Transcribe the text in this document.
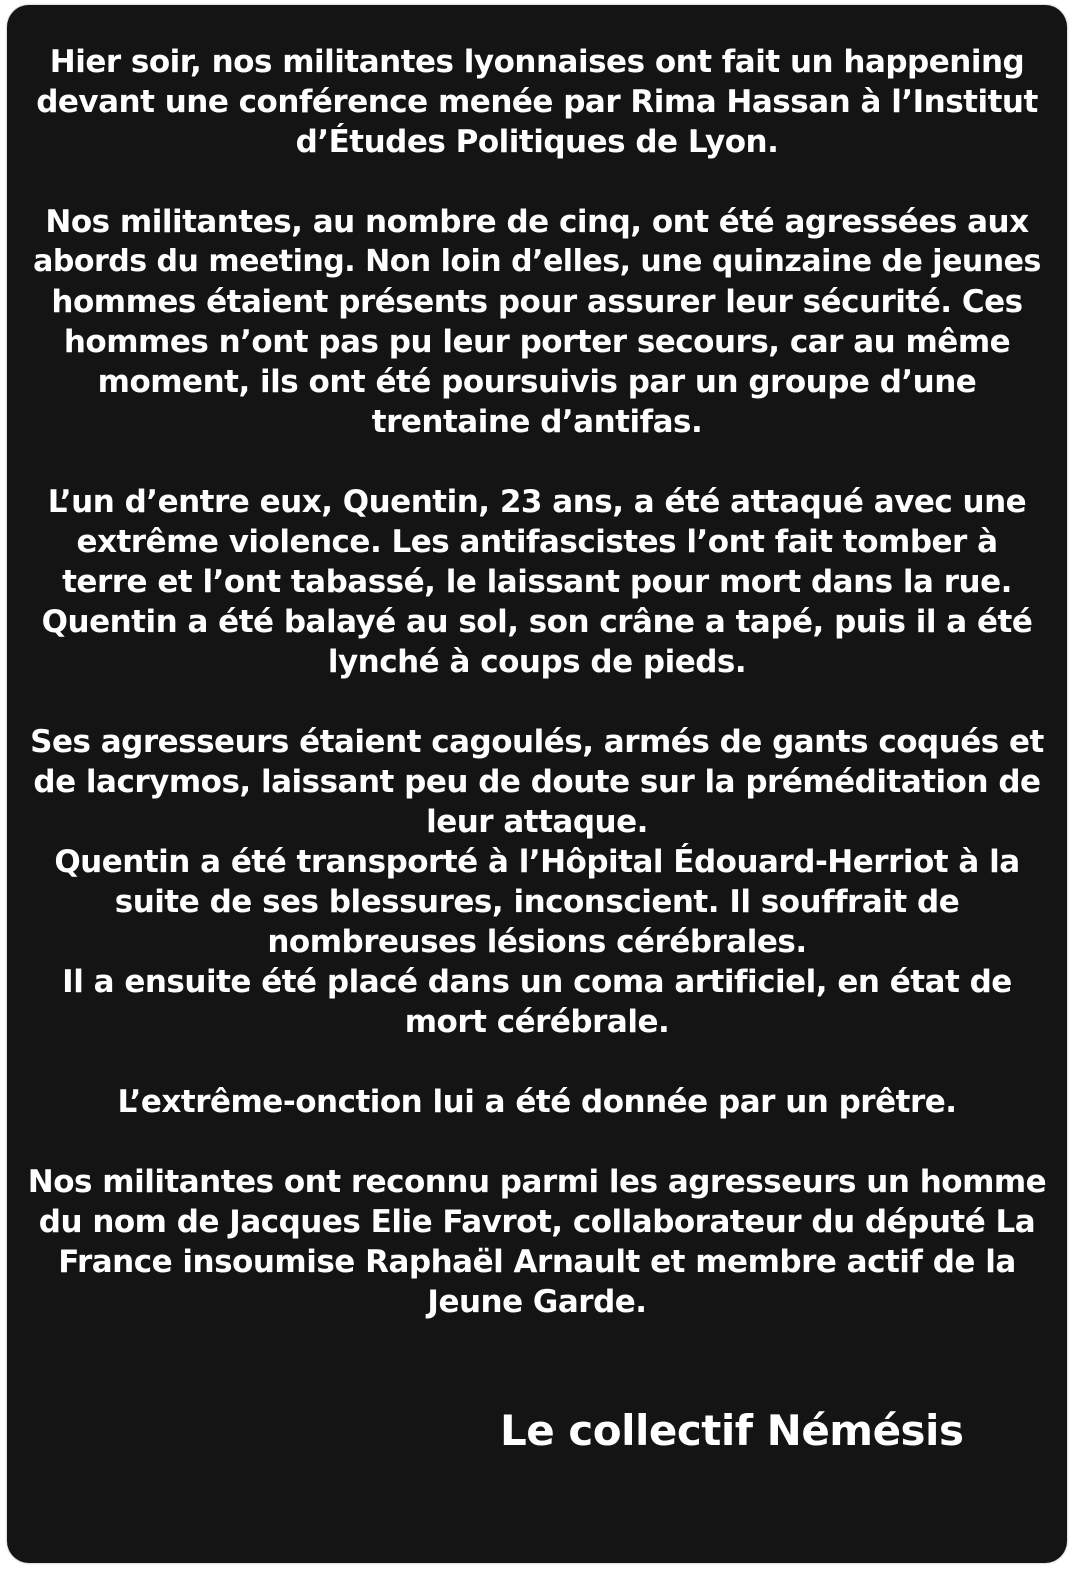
Hier soir, nos militantes lyonnaises ont fait un happening
devant une conférence menée par Rima Hassan à l’Institut
d’Études Politiques de Lyon.

Nos militantes, au nombre de cinq, ont été agressées aux
abords du meeting. Non loin d’elles, une quinzaine de jeunes
hommes étaient présents pour assurer leur sécurité. Ces
hommes n’ont pas pu leur porter secours, car au même
moment, ils ont été poursuivis par un groupe d’une
trentaine d’antifas.

L’un d’entre eux, Quentin, 23 ans, a été attaqué avec une
extrême violence. Les antifascistes l’ont fait tomber à
terre et l’ont tabassé, le laissant pour mort dans la rue.
Quentin a été balayé au sol, son crâne a tapé, puis il a été
lynché à coups de pieds.

Ses agresseurs étaient cagoulés, armés de gants coqués et
de lacrymos, laissant peu de doute sur la préméditation de
leur attaque.
Quentin a été transporté à l’Hôpital Édouard-Herriot à la
suite de ses blessures, inconscient. Il souffrait de
nombreuses lésions cérébrales.
Il a ensuite été placé dans un coma artificiel, en état de
mort cérébrale.

L’extrême-onction lui a été donnée par un prêtre.

Nos militantes ont reconnu parmi les agresseurs un homme
du nom de Jacques Elie Favrot, collaborateur du député La
France insoumise Raphaël Arnault et membre actif de la
Jeune Garde.

Le collectif Némésis
